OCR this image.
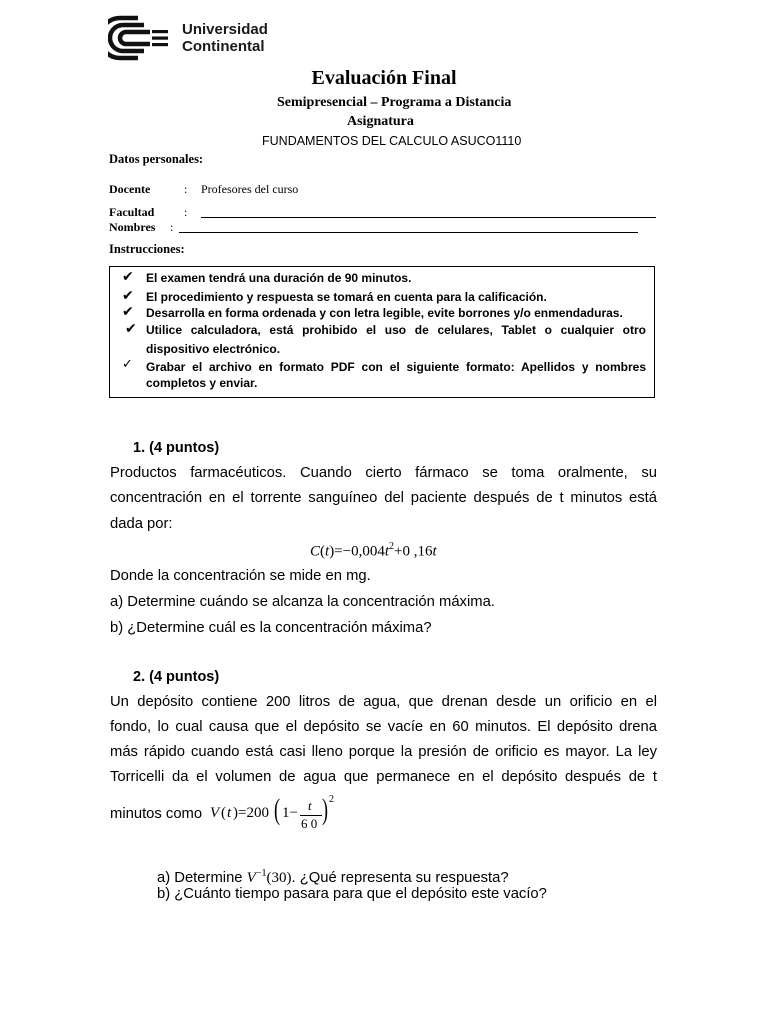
Universidad
Continental
Evaluación Final
Semipresencial – Programa a Distancia
Asignatura
FUNDAMENTOS DEL CALCULO ASUCO1110
Datos personales:
Docente	: Profesores del curso
Facultad :
Nombres :
Instrucciones:
✔ El examen tendrá una duración de 90 minutos.
✔ El procedimiento y respuesta se tomará en cuenta para la calificación.
✔ Desarrolla en forma ordenada y con letra legible, evite borrones y/o enmendaduras.
✔ Utilice calculadora, está prohibido el uso de celulares, Tablet o cualquier otro
dispositivo electrónico.
✓ Grabar el archivo en formato PDF con el siguiente formato: Apellidos y nombres
completos y enviar.
1. (4 puntos)
Productos farmacéuticos. Cuando cierto fármaco se toma oralmente, su
concentración en el torrente sanguíneo del paciente después de t minutos está
dada por:
$C(t)=-0,004t^2+0$ ,16t
Donde la concentración se mide en mg.
a) Determine cuándo se alcanza la concentración máxima.
b) ¿Determine cuál es la concentración máxima?
2. (4 puntos)
Un depósito contiene 200 litros de agua, que drenan desde un orificio en el
fondo, lo cual causa que el depósito se vacíe en 60 minutos. El depósito drena
más rápido cuando está casi lleno porque la presión de orificio es mayor. La ley
Torricelli da el volumen de agua que permanece en el depósito después de t
minutos como V ( t )=200 ( 1− t
6 0 ) 2
a) Determine $V^{-1}(30)$. ¿Qué representa su respuesta?
b) ¿Cuánto tiempo pasara para que el depósito este vacío?
